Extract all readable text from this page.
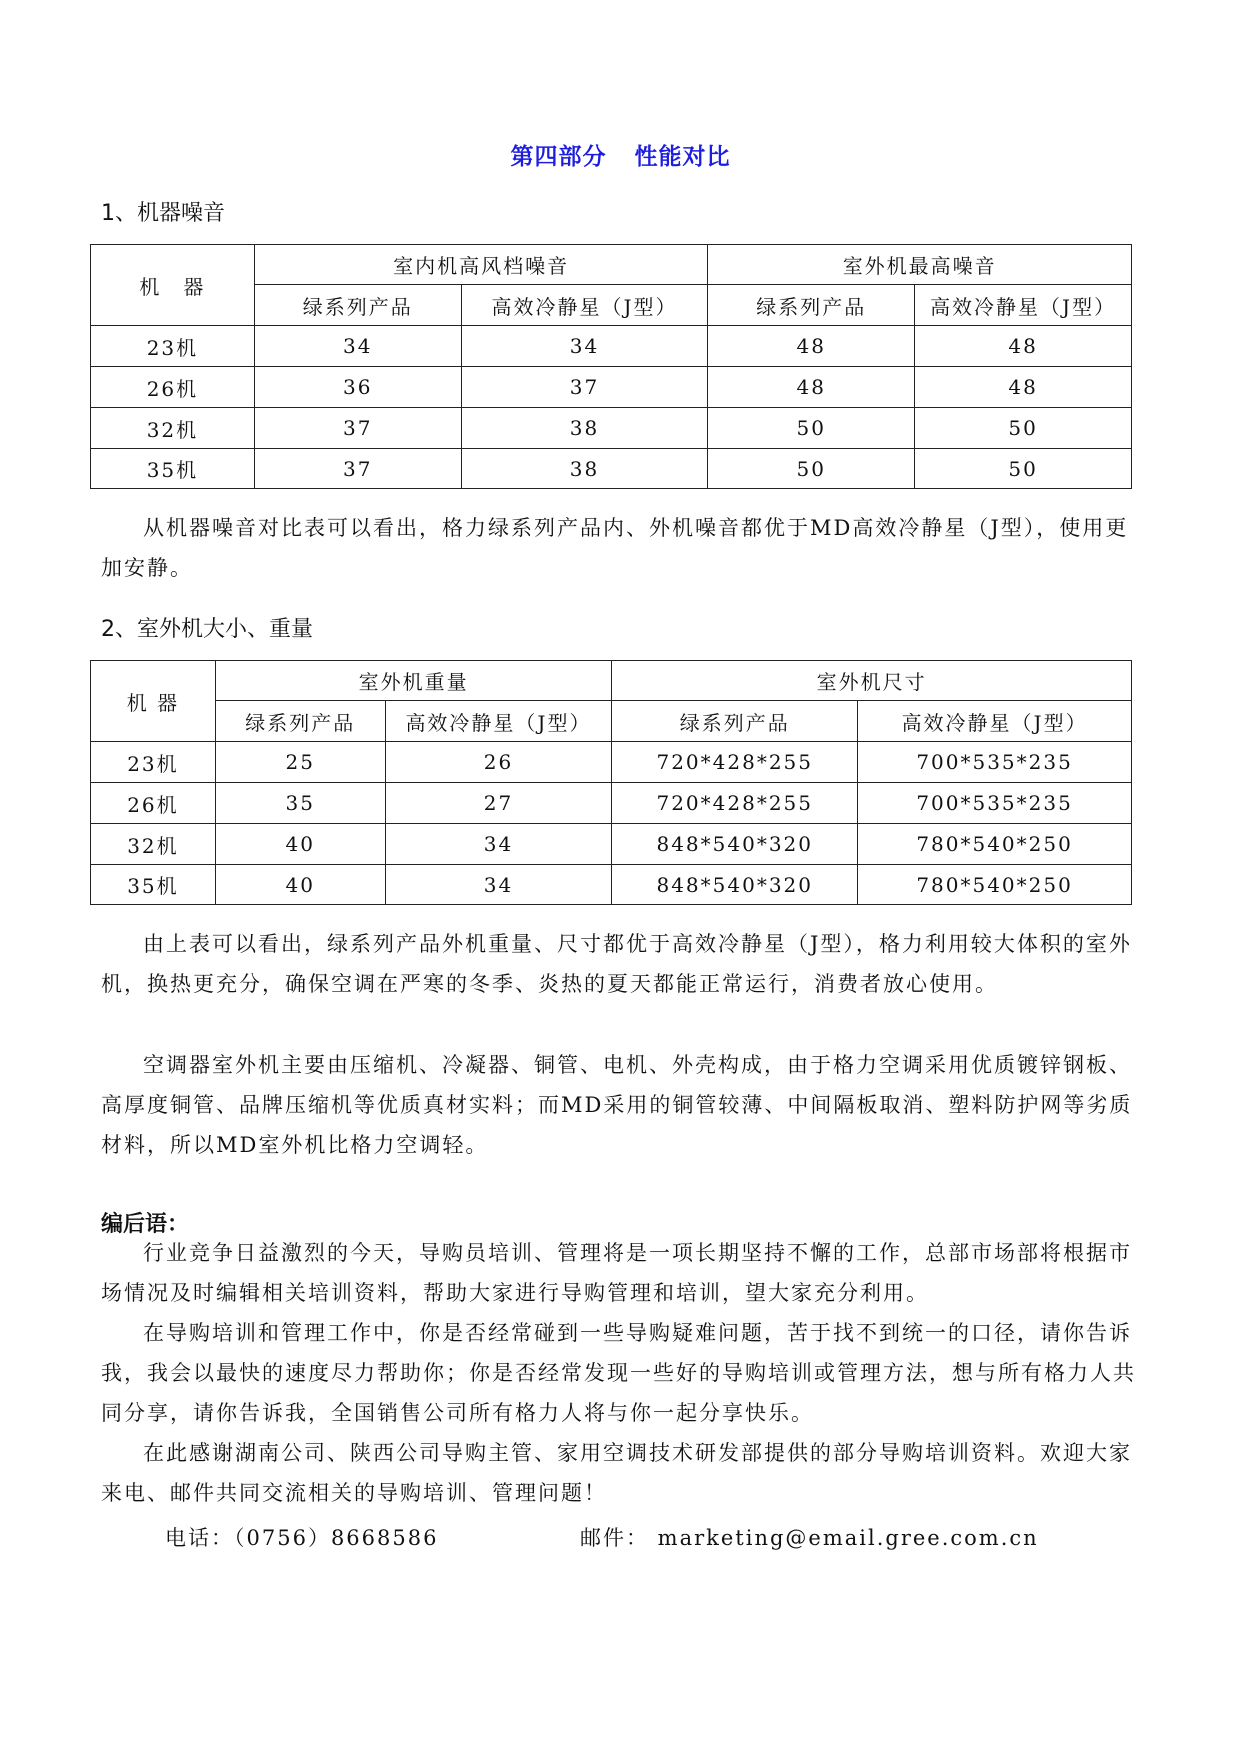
第四部分 性能对比
1、机器噪音
机　器	室内机高风档噪音		室外机最高噪音	
	绿系列产品	高效冷静星（J型）	绿系列产品	高效冷静星（J型）
23机	34	34	48	48
26机	36	37	48	48
32机	37	38	50	50
35机	37	38	50	50

从机器噪音对比表可以看出，格力绿系列产品内、外机噪音都优于MD高效冷静星（J型），使用更加安静。

2、室外机大小、重量
机 器	室外机重量		室外机尺寸	
	绿系列产品	高效冷静星（J型）	绿系列产品	高效冷静星（J型）
23机	25	26	720*428*255	700*535*235
26机	35	27	720*428*255	700*535*235
32机	40	34	848*540*320	780*540*250
35机	40	34	848*540*320	780*540*250

由上表可以看出，绿系列产品外机重量、尺寸都优于高效冷静星（J型），格力利用较大体积的室外机，换热更充分，确保空调在严寒的冬季、炎热的夏天都能正常运行，消费者放心使用。

空调器室外机主要由压缩机、冷凝器、铜管、电机、外壳构成，由于格力空调采用优质镀锌钢板、高厚度铜管、品牌压缩机等优质真材实料；而MD采用的铜管较薄、中间隔板取消、塑料防护网等劣质材料，所以MD室外机比格力空调轻。

编后语：

行业竞争日益激烈的今天，导购员培训、管理将是一项长期坚持不懈的工作，总部市场部将根据市场情况及时编辑相关培训资料，帮助大家进行导购管理和培训，望大家充分利用。

在导购培训和管理工作中，你是否经常碰到一些导购疑难问题，苦于找不到统一的口径，请你告诉我，我会以最快的速度尽力帮助你；你是否经常发现一些好的导购培训或管理方法，想与所有格力人共同分享，请你告诉我，全国销售公司所有格力人将与你一起分享快乐。

在此感谢湖南公司、陕西公司导购主管、家用空调技术研发部提供的部分导购培训资料。欢迎大家来电、邮件共同交流相关的导购培训、管理问题！

电话：（0756）8668586	邮件： marketing@email.gree.com.cn
